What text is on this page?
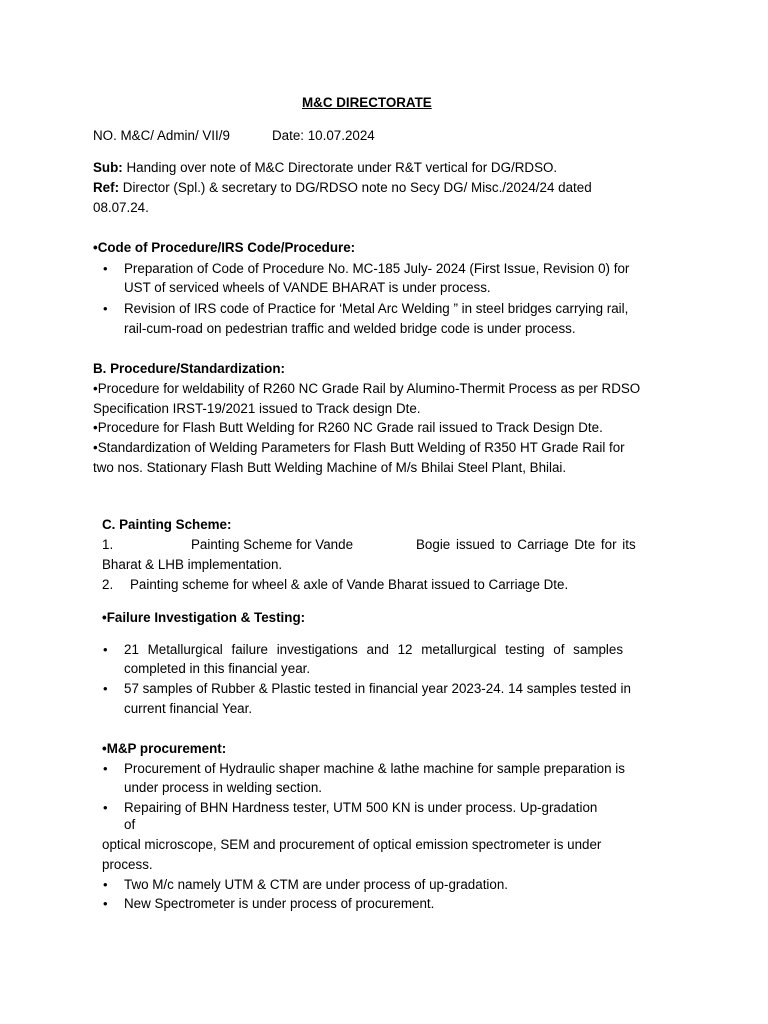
M&C DIRECTORATE
NO. M&C/ Admin/ VII/9	Date: 10.07.2024
Sub: Handing over note of M&C Directorate under R&T vertical for DG/RDSO.
Ref: Director (Spl.) & secretary to DG/RDSO note no Secy DG/ Misc./2024/24 dated
08.07.24.
•Code of Procedure/IRS Code/Procedure:
• Preparation of Code of Procedure No. MC-185 July- 2024 (First Issue, Revision 0) for
UST of serviced wheels of VANDE BHARAT is under process.
• Revision of IRS code of Practice for ‘Metal Arc Welding ” in steel bridges carrying rail,
rail-cum-road on pedestrian traffic and welded bridge code is under process.
B. Procedure/Standardization:
•Procedure for weldability of R260 NC Grade Rail by Alumino-Thermit Process as per RDSO
Specification IRST-19/2021 issued to Track design Dte.
•Procedure for Flash Butt Welding for R260 NC Grade rail issued to Track Design Dte.
•Standardization of Welding Parameters for Flash Butt Welding of R350 HT Grade Rail for
two nos. Stationary Flash Butt Welding Machine of M/s Bhilai Steel Plant, Bhilai.
C. Painting Scheme:
1.	Painting Scheme for Vande	Bogie issued to Carriage Dte for its
Bharat & LHB implementation.
2. Painting scheme for wheel & axle of Vande Bharat issued to Carriage Dte.
•Failure Investigation & Testing:
• 21 Metallurgical failure investigations and 12 metallurgical testing of samples
completed in this financial year.
• 57 samples of Rubber & Plastic tested in financial year 2023-24. 14 samples tested in
current financial Year.
•M&P procurement:
• Procurement of Hydraulic shaper machine & lathe machine for sample preparation is
under process in welding section.
• Repairing of BHN Hardness tester, UTM 500 KN is under process. Up-gradation
of
optical microscope, SEM and procurement of optical emission spectrometer is under
process.
• Two M/c namely UTM & CTM are under process of up-gradation.
• New Spectrometer is under process of procurement.
